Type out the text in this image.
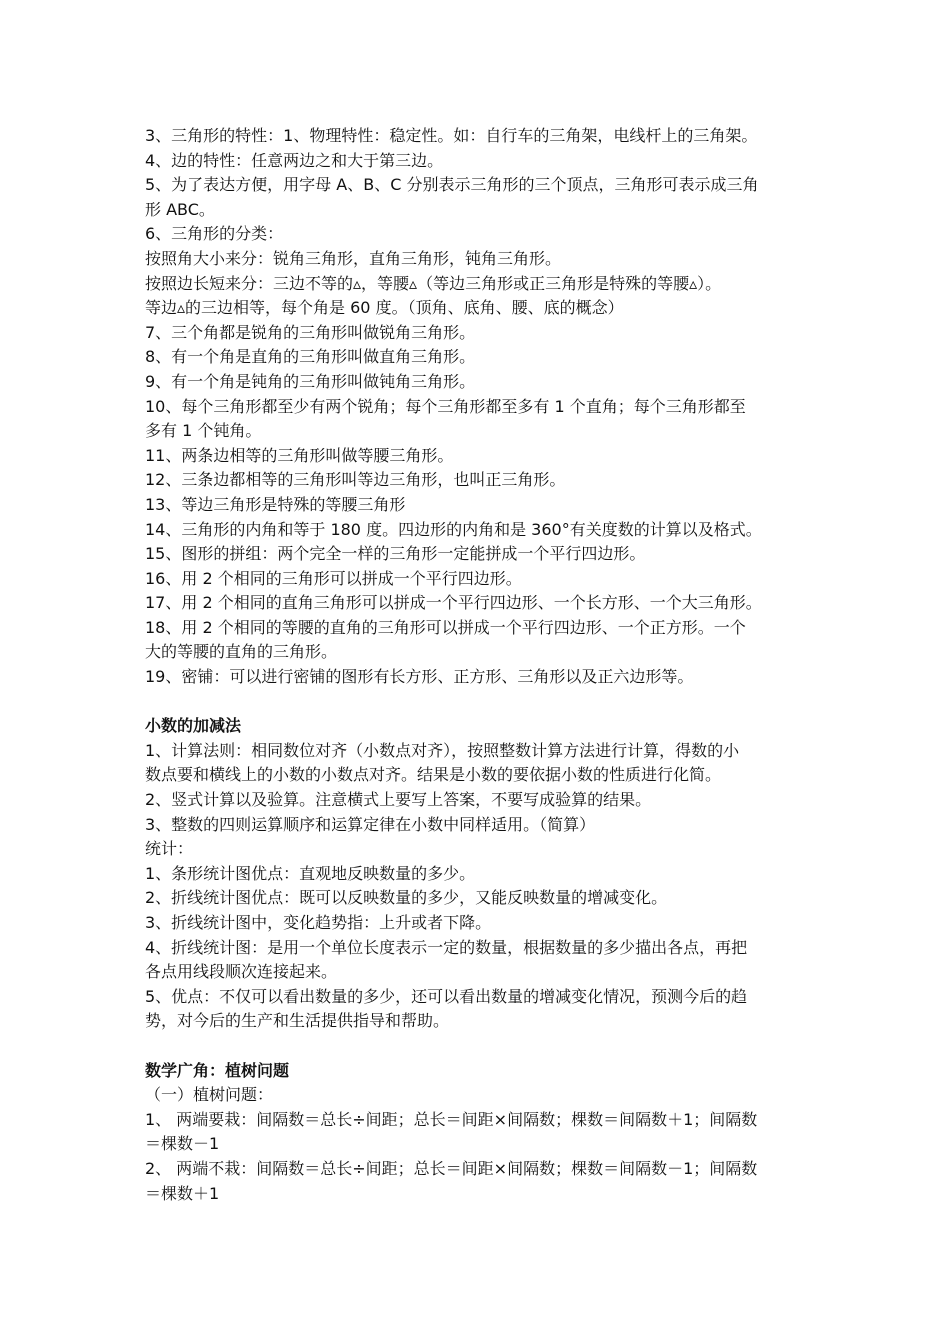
3、三角形的特性：1、物理特性：稳定性。如：自行车的三角架，电线杆上的三角架。

4、边的特性：任意两边之和大于第三边。

5、为了表达方便，用字母 A、B、C 分别表示三角形的三个顶点，三角形可表示成三角

形 ABC。

6、三角形的分类：

按照角大小来分：锐角三角形，直角三角形，钝角三角形。

按照边长短来分：三边不等的▵，等腰▵（等边三角形或正三角形是特殊的等腰▵）。

等边▵的三边相等，每个角是 60 度。（顶角、底角、腰、底的概念）

7、三个角都是锐角的三角形叫做锐角三角形。

8、有一个角是直角的三角形叫做直角三角形。

9、有一个角是钝角的三角形叫做钝角三角形。

10、每个三角形都至少有两个锐角；每个三角形都至多有 1 个直角；每个三角形都至

多有 1 个钝角。

11、两条边相等的三角形叫做等腰三角形。

12、三条边都相等的三角形叫等边三角形，也叫正三角形。

13、等边三角形是特殊的等腰三角形

14、三角形的内角和等于 180 度。四边形的内角和是 360°有关度数的计算以及格式。

15、图形的拼组：两个完全一样的三角形一定能拼成一个平行四边形。

16、用 2 个相同的三角形可以拼成一个平行四边形。

17、用 2 个相同的直角三角形可以拼成一个平行四边形、一个长方形、一个大三角形。

18、用 2 个相同的等腰的直角的三角形可以拼成一个平行四边形、一个正方形。一个

大的等腰的直角的三角形。

19、密铺：可以进行密铺的图形有长方形、正方形、三角形以及正六边形等。

小数的加减法

1、计算法则：相同数位对齐（小数点对齐），按照整数计算方法进行计算，得数的小

数点要和横线上的小数的小数点对齐。结果是小数的要依据小数的性质进行化简。

2、竖式计算以及验算。注意横式上要写上答案，不要写成验算的结果。

3、整数的四则运算顺序和运算定律在小数中同样适用。（简算）

统计：

1、条形统计图优点：直观地反映数量的多少。

2、折线统计图优点：既可以反映数量的多少，又能反映数量的增减变化。

3、折线统计图中，变化趋势指：上升或者下降。

4、折线统计图：是用一个单位长度表示一定的数量，根据数量的多少描出各点，再把

各点用线段顺次连接起来。

5、优点：不仅可以看出数量的多少，还可以看出数量的增减变化情况，预测今后的趋

势，对今后的生产和生活提供指导和帮助。

数学广角：植树问题

（一）植树问题：

1、 两端要栽：间隔数＝总长÷间距；总长＝间距×间隔数；棵数＝间隔数＋1；间隔数

＝棵数－1

2、 两端不栽：间隔数＝总长÷间距；总长＝间距×间隔数；棵数＝间隔数－1；间隔数

＝棵数＋1
